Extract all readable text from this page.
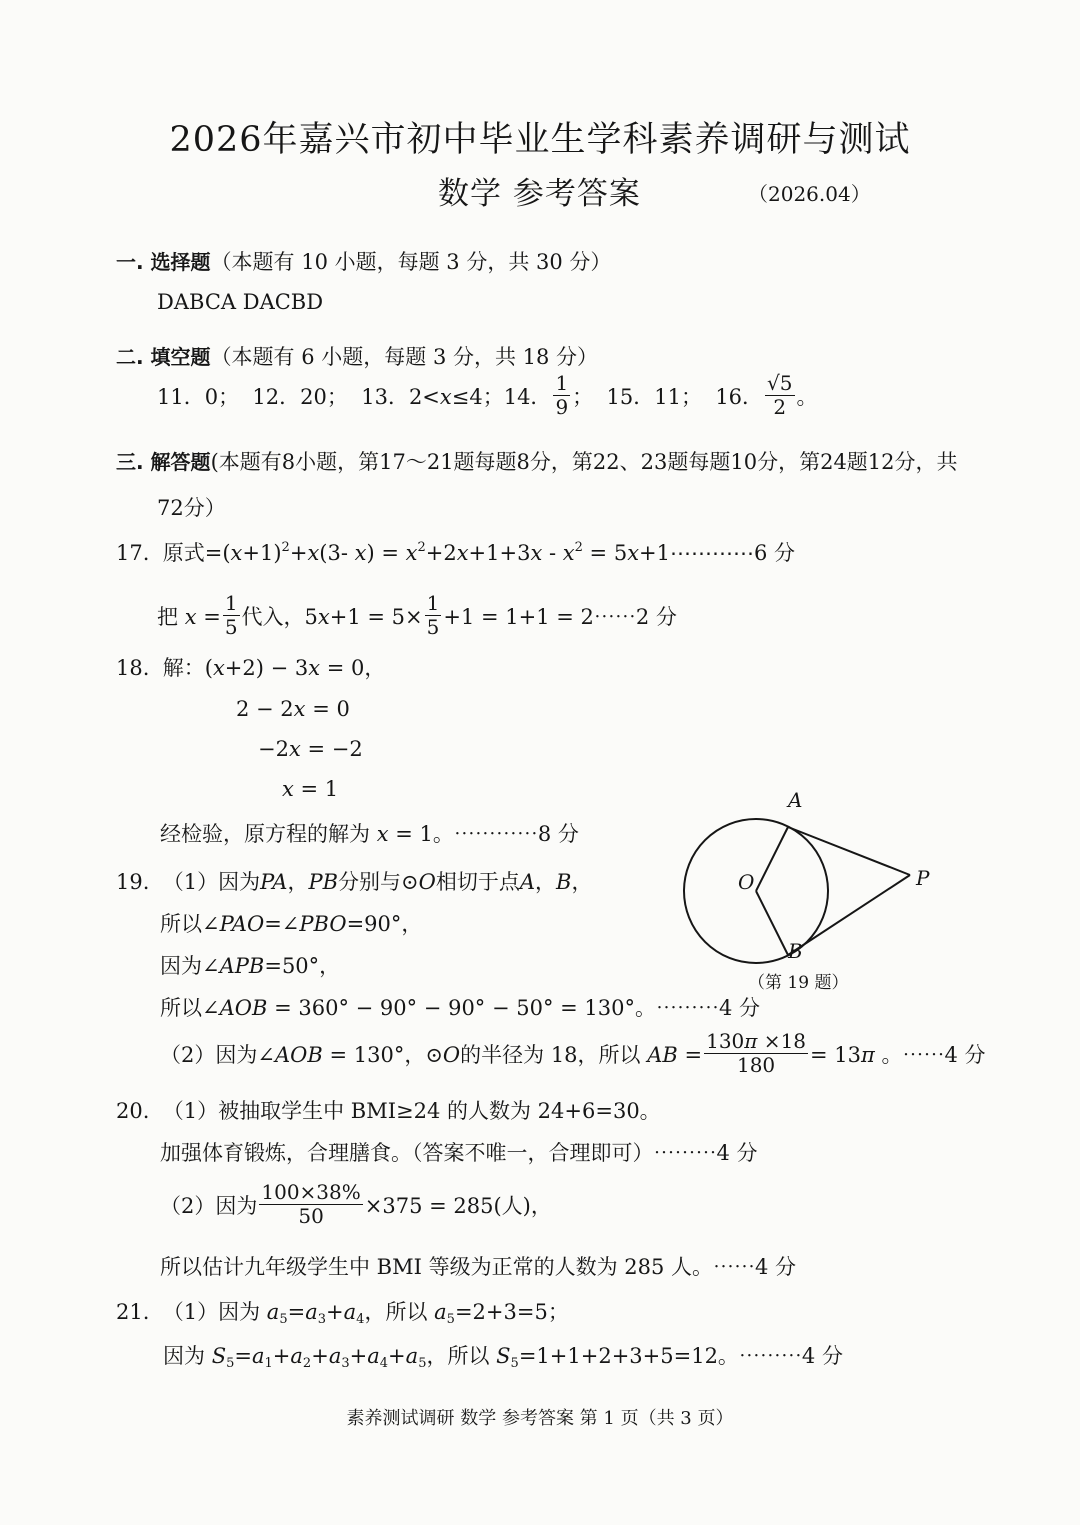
2026年嘉兴市初中毕业生学科素养调研与测试
数学 参考答案	（2026.04）
一. 选择题（本题有 10 小题，每题 3 分，共 30 分）
DABCA DACBD
二. 填空题（本题有 6 小题，每题 3 分，共 18 分）
11．0；  12．20；  13．2<x≤4；14． $\frac{1}{9}$ ；  15．11；  16． $\frac{√5}{2}$ 。
三. 解答题(本题有8小题，第17～21题每题8分，第22、23题每题10分，第24题12分，共
72分）
17.  原式$=(x+1)^2+x(3-$ $x) = x^2+2x+1+3x - x^2$ = 5x+1⋯⋯⋯⋯6 分
把 $x = \frac{1}{5}$ 代入，$5x+1 = 5\times \frac{1}{5} +1 = 1+1$ = 2⋯⋯2 分
18.  解：(x+2) − 3x = 0，
2 − 2x = 0
−2x = −2
x = 1
经检验，原方程的解为 x = 1。⋯⋯⋯⋯8 分
A
O	P
B
（第 19 题）
19.  （1）因为PA，PB分别与⊙O相切于点A，B，
所以∠PAO=∠PBO=90°，
因为∠APB=50°，
所以∠AOB = 360° − 90° − 90° − 50° = 130°。⋯⋯⋯4 分
（2）因为∠AOB = 130°，⊙O的半径为 18，所以 AB = $\frac{130\pi \times 18}{180} = 13\pi$ 。⋯⋯4 分
20.  （1）被抽取学生中 BMI≥24 的人数为 24+6=30。
加强体育锻炼，合理膳食。（答案不唯一，合理即可）⋯⋯⋯4 分
（2）因为 $\frac{100\times 38\%}{50} \times 375 = 285$(人)，
所以估计九年级学生中 BMI 等级为正常的人数为 285 人。⋯⋯4 分
21.  （1）因为 $a_5=a_3+a_4$，所以 $a_5=2+3=5$；
因为 $S_5=a_1+a_2+a_3+a_4+a_5$，所以 $S_5=1+1+2+3+5=12$。⋯⋯⋯4 分
素养测试调研 数学 参考答案 第 1 页（共 3 页）
